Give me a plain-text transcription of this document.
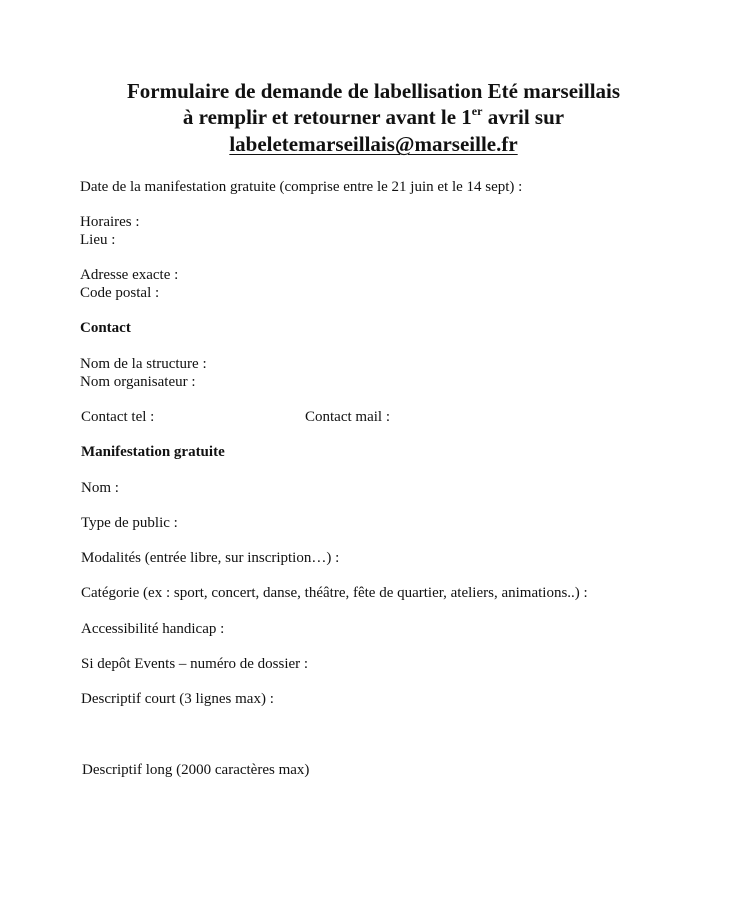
Formulaire de demande de labellisation Eté marseillais
à remplir et retourner avant le 1er avril sur
labeletemarseillais@marseille.fr
Date de la manifestation gratuite (comprise entre le 21 juin et le 14 sept) :
Horaires :
Lieu :
Adresse exacte :
Code postal :
Contact
Nom de la structure :
Nom organisateur :
Contact tel :	Contact mail :
Manifestation gratuite
Nom :
Type de public :
Modalités (entrée libre, sur inscription…) :
Catégorie (ex : sport, concert, danse, théâtre, fête de quartier, ateliers, animations..) :
Accessibilité handicap :
Si depôt Events – numéro de dossier :
Descriptif court (3 lignes max) :
Descriptif long (2000 caractères max)
